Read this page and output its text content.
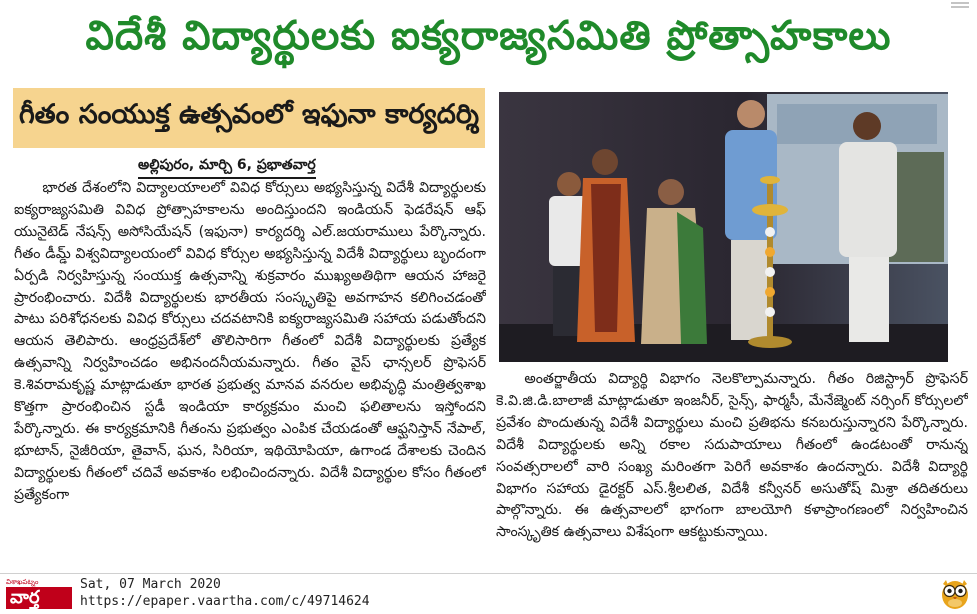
విదేశీ విద్యార్థులకు ఐక్యరాజ్యసమితి ప్రోత్సాహకాలు
గీతం సంయుక్త ఉత్సవంలో ఇఫునా కార్యదర్శి
అల్లిపురం, మార్చి 6, ప్రభాతవార్త

భారత దేశంలోని విద్యాలయాలలో వివిధ కోర్సులు అభ్యసిస్తున్న విదేశీ విద్యార్థులకు ఐక్యరాజ్యసమితి వివిధ ప్రోత్సాహకాలను అందిస్తుందని ఇండియన్ ఫెడరేషన్ ఆఫ్ యునైటెడ్ నేషన్స్ అసోసియేషన్ (ఇఫునా) కార్యదర్శి ఎల్.జయరాములు పేర్కొన్నారు. గీతం డీమ్డ్ విశ్వవిద్యాలయంలో వివిధ కోర్సుల అభ్యసిస్తున్న విదేశీ విద్యార్థులు బృందంగా ఏర్పడి నిర్వహిస్తున్న సంయుక్త ఉత్సవాన్ని శుక్రవారం ముఖ్యఅతిథిగా ఆయన హాజరై ప్రారంభించారు. విదేశీ విద్యార్థులకు భారతీయ సంస్కృతిపై అవగాహన కలిగించడంతో పాటు పరిశోధనలకు వివిధ కోర్సులు చదవటానికి ఐక్యరాజ్యసమితి సహాయ పడుతోందని ఆయన తెలిపారు. ఆంధ్రప్రదేశ్‌లో తొలిసారిగా గీతంలో విదేశీ విద్యార్థులకు ప్రత్యేక ఉత్సవాన్ని నిర్వహించడం అభినందనీయమన్నారు. గీతం వైస్ ఛాన్సలర్ ప్రొఫెసర్ కె.శివరామకృష్ణ మాట్లాడుతూ భారత ప్రభుత్వ మానవ వనరుల అభివృద్ధి మంత్రిత్వశాఖ కొత్తగా ప్రారంభించిన స్టడీ ఇండియా కార్యక్రమం మంచి ఫలితాలను ఇస్తోందని పేర్కొన్నారు. ఈ కార్యక్రమానికి గీతంను ప్రభుత్వం ఎంపిక చేయడంతో ఆఫ్ఘనిస్తాన్ నేపాల్, భూటాన్, నైజీరియా, తైవాన్, ఘన, సిరియా, ఇథియోపియా, ఉగాండ దేశాలకు చెందిన విద్యార్థులకు గీతంలో చదివే అవకాశం లభించిందన్నారు. విదేశీ విద్యార్థుల కోసం గీతంలో ప్రత్యేకంగా

అంతర్జాతీయ విద్యార్థి విభాగం నెలకొల్పామన్నారు. గీతం రిజిస్ట్రార్ ప్రొఫెసర్ కె.వి.జి.డి.బాలాజీ మాట్లాడుతూ ఇంజనీర్, సైన్స్, ఫార్మసీ, మేనేజ్మెంట్ నర్సింగ్ కోర్సులలో ప్రవేశం పొందుతున్న విదేశీ విద్యార్థులు మంచి ప్రతిభను కనబరుస్తున్నారని పేర్కొన్నారు. విదేశీ విద్యార్థులకు అన్ని రకాల సదుపాయాలు గీతంలో ఉండటంతో రానున్న సంవత్సరాలలో వారి సంఖ్య మరింతగా పెరిగే అవకాశం ఉందన్నారు. విదేశీ విద్యార్థి విభాగం సహాయ డైరక్టర్ ఎస్.శ్రీలలిత, విదేశీ కన్వీనర్ అసుతోష్ మిశ్రా తదితరులు పాల్గొన్నారు. ఈ ఉత్సవాలలో భాగంగా బాలయోగి కళాప్రాంగణంలో నిర్వహించిన సాంస్కృతిక ఉత్సవాలు విశేషంగా ఆకట్టుకున్నాయి.

విశాఖపట్నం
వార్త
Sat, 07 March 2020
https://epaper.vaartha.com/c/49714624
